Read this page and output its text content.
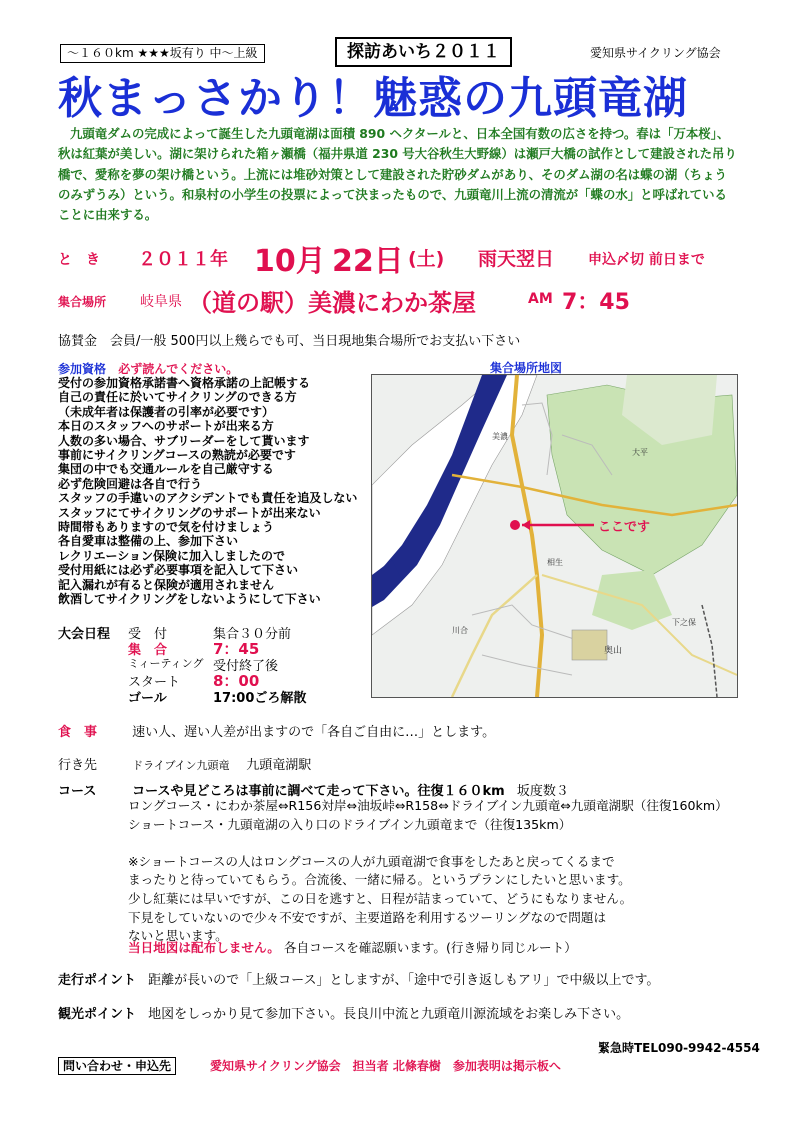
～１６０km ★★★坂有り 中～上級	探訪あいち２０１１	愛知県サイクリング協会
秋まっさかり！魅惑の九頭竜湖
九頭竜ダムの完成によって誕生した九頭竜湖は面積 890 ヘクタールと、日本全国有数の広さを持つ。春は「万本桜」、秋は紅葉が美しい。湖に架けられた箱ヶ瀬橋（福井県道 230 号大谷秋生大野線）は瀬戸大橋の試作として建設された吊り橋で、愛称を夢の架け橋という。上流には堆砂対策として建設された貯砂ダムがあり、そのダム湖の名は蝶の湖（ちょうのみずうみ）という。和泉村の小学生の投票によって決まったもので、九頭竜川上流の清流が「蝶の水」と呼ばれていることに由来する。
と　き ２０１１年 10月 22日 (土) 雨天翌日 申込〆切 前日まで
集合場所 岐阜県 （道の駅）美濃にわか茶屋	AM 7：45
協賛金　会員/一般 500円以上幾らでも可、当日現地集合場所でお支払い下さい
参加資格 必ず読んでください。
受付の参加資格承諾書へ資格承諾の上記帳する
自己の責任に於いてサイクリングのできる方
（未成年者は保護者の引率が必要です）
本日のスタッフへのサポートが出来る方
人数の多い場合、サブリーダーをして貰います
事前にサイクリングコースの熟読が必要です
集団の中でも交通ルールを自己厳守する
必ず危険回避は各自で行う
スタッフの手違いのアクシデントでも責任を追及しない
スタッフにてサイクリングのサポートが出来ない
時間帯もありますので気を付けましょう
各自愛車は整備の上、参加下さい
レクリエーション保険に加入しましたので
受付用紙には必ず必要事項を記入して下さい
記入漏れが有ると保険が適用されません
飲酒してサイクリングをしないようにして下さい
集合場所地図
美濃
奥山
大平
相生
川合
下之保
ここです
大会日程 受　付	集合３０分前
集　合	7：45
ミィーティング 受付終了後
スタート 8：00
ゴール	17:00ごろ解散
食　事	速い人、遅い人差が出ますので「各自ご自由に…」とします。
行き先	ドライブイン九頭竜 九頭竜湖駅
コース	コースや見どころは事前に調べて走って下さい。往復１６０km 坂度数３
ロングコース・にわか茶屋⇔R156対岸⇔油坂峠⇔R158⇔ドライブイン九頭竜⇔九頭竜湖駅（往復160km）
ショートコース・九頭竜湖の入り口のドライブイン九頭竜まで（往復135km）
※ショートコースの人はロングコースの人が九頭竜湖で食事をしたあと戻ってくるまで
まったりと待っていてもらう。合流後、一緒に帰る。というプランにしたいと思います。
少し紅葉には早いですが、この日を逃すと、日程が詰まっていて、どうにもなりません。
下見をしていないので少々不安ですが、主要道路を利用するツーリングなので問題は
ないと思います。
当日地図は配布しません。 各自コースを確認願います。(行き帰り同じルート）
走行ポイント 距離が長いので「上級コース」としますが、「途中で引き返しもアリ」で中級以上です。
観光ポイント 地図をしっかり見て参加下さい。長良川中流と九頭竜川源流域をお楽しみ下さい。
緊急時TEL090-9942-4554
問い合わせ・申込先	愛知県サイクリング協会　担当者 北條春樹　参加表明は掲示板へ
